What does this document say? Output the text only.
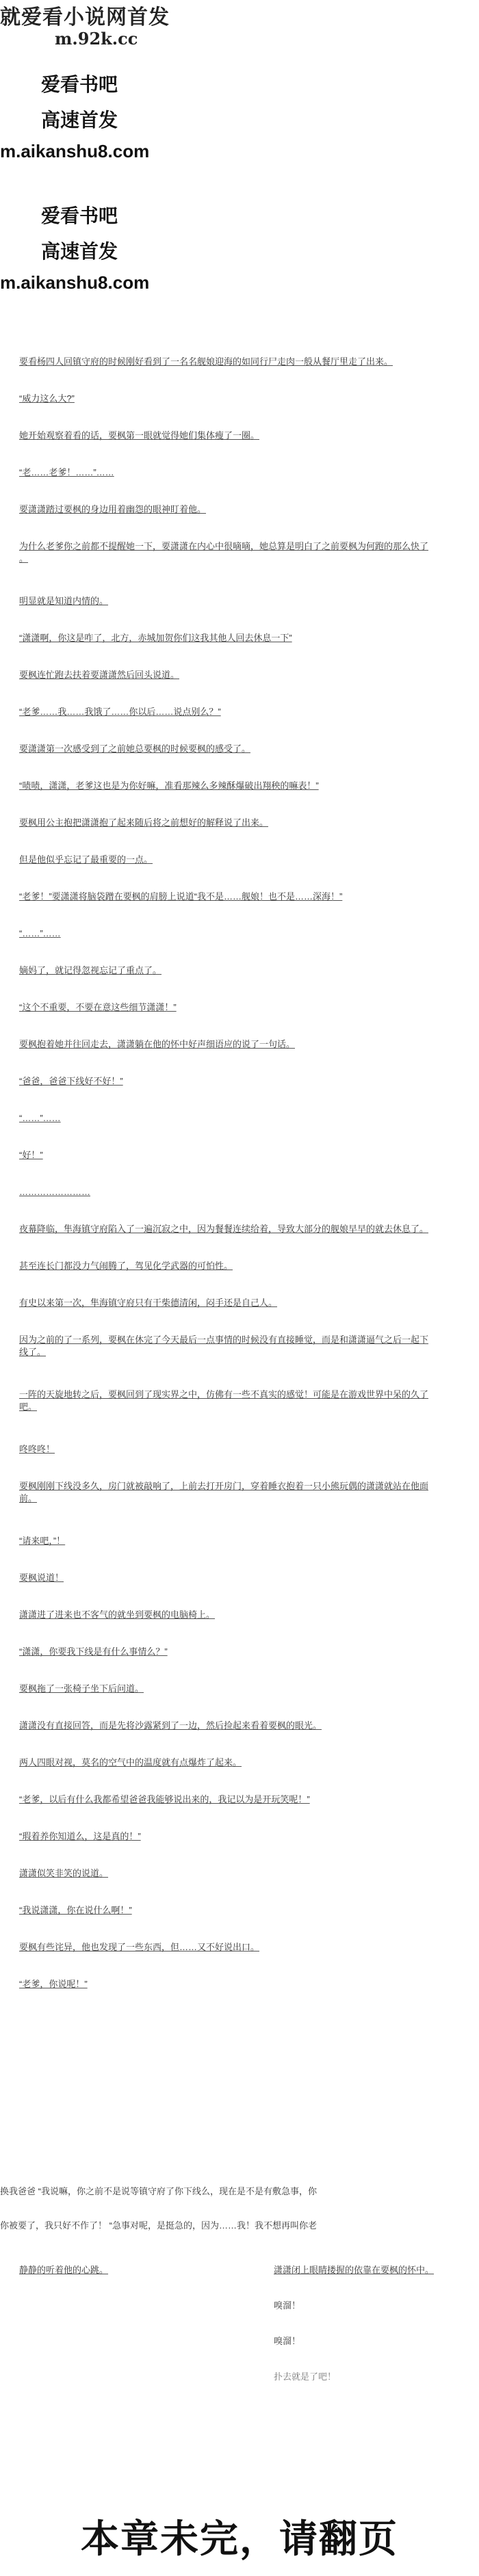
就爱看小说网首发
m.92k.cc
爱看书吧
高速首发
m.aikanshu8.com
爱看书吧
高速首发
m.aikanshu8.com
要看杨四人回镇守府的时候刚好看到了一名名舰娘迎海的如同行尸走肉一般从餐厅里走了出来。
“威力这么大?”
她开始观察着看的话，要枫第一眼就觉得她们集体瘦了一圈。
“老……老爹！……”……
要潇潇踏过要枫的身边用着幽怨的眼神盯着他。
为什么老爹你之前都不提醒她一下，要潇潇在内心中很嘀嘀，她总算是明白了之前要枫为何跑的那么快了
。
明显就是知道内情的。
“潇潇啊，你这是咋了，北方，赤城加贺你们这我其他人回去休息一下”
要枫连忙跑去扶着要潇潇然后回头说道。
“老爹……我……我饿了……你以后……说点别么？”
要潇潇第一次感受到了之前她总要枫的时候要枫的感受了。
“啧啧，潇潇，老爹这也是为你好嘛，准看那辣么多辣酥爆破出翔秧的嘛表！”
要枫用公主抱把潇潇抱了起来随后将之前想好的解释说了出来。
但是他似乎忘记了最重要的一点。
“老爹！”要潇潇将脑袋蹭在要枫的肩膀上说道“我不是……舰娘！也不是……深海！”
“……”……
嫡妈了，就记得忽视忘记了重点了。
“这个不重要，不要在意这些细节潇潇！”
要枫抱着她并往回走去，潇潇躺在他的怀中好声细语应的说了一句话。
“爸爸，爸爸下线好不好！”
“……”……
“好！”
……………………
夜幕降临，隼海镇守府陷入了一遍沉寂之中，因为餐餐连续给着，导致大部分的舰娘早早的就去休息了。
甚至连长门都没力气闹腾了，驾见化学武器的可怕性。
有史以来第一次，隼海镇守府只有干柴德清闲，闷手还是自己人。
因为之前的了一系列，要枫在休完了今天最后一点事情的时候没有直接睡觉，而是和潇潇逼气之后一起下
线了。
一阵的天旋地转之后，要枫回到了现实界之中，仿佛有一些不真实的感觉！可能是在游戏世界中呆的久了
吧。
咚咚咚！
要枫刚刚下线没多久，房门就被敲响了，上前去打开房门，穿着睡衣抱着一只小熊玩偶的潇潇就站在他面
前。
“请来吧，”！
要枫说道！
潇潇进了进来也不客气的就坐到要枫的电脑椅上。
“潇潇，你要我下线是有什么事情么？”
要枫拖了一张椅子坐下后问道。
潇潇没有直接回答，而是先将沙露紧到了一边，然后捡起来看着要枫的眼光。
两人四眼对视，莫名的空气中的温度就有点爆炸了起来。
“老爹，以后有什么我都希望爸爸我能够说出来的，我记以为是开玩笑呢！”
“瑕着养你知道么，这是真的！”
潇潇似笑非笑的说道。
“我说潇潇，你在说什么啊！”
要枫有些诧异，他也发现了一些东西，但……又不好说出口。
“老爹，你说呢！”
换我爸爸 “我说嘛，你之前不是说等镇守府了你下线么，现在是不是有敷急事，你
你被要了，我只好不作了！ “急事对呢，是挺急的，因为……我！我不想再叫你老
静静的听着他的心跳。	潇潇闭上眼睛搂握的依靠在要枫的怀中。
嗅溜！
嗅溜！
扑去就是了吧！
本章未完，请翻页
